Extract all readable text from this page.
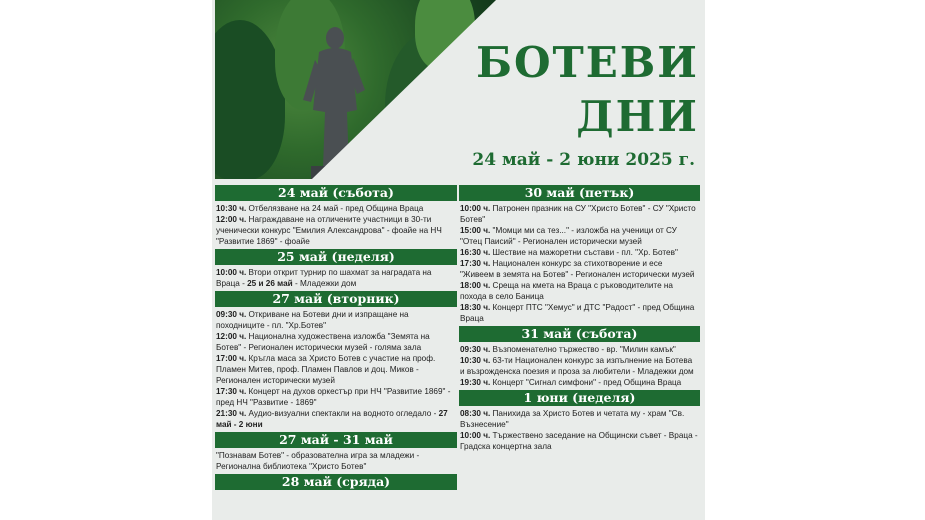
БОТЕВИ
ДНИ
24 май - 2 юни 2025 г.
24 май (събота)
10:30 ч. Отбелязване на 24 май - пред Община Враца
12:00 ч. Награждаване на отличените участници в 30-ти ученически конкурс "Емилия Александрова" - фоайе на НЧ "Развитие 1869" - фоайе
25 май (неделя)
10:00 ч. Втори открит турнир по шахмат за наградата на Враца - 25 и 26 май - Младежки дом
27 май (вторник)
09:30 ч. Откриване на Ботеви дни и изпращане на походниците - пл. "Хр.Ботев"
12:00 ч. Национална художествена изложба "Земята на Ботев" - Регионален исторически музей - голяма зала
17:00 ч. Кръгла маса за Христо Ботев с участие на проф. Пламен Митев, проф. Пламен Павлов и доц. Миков - Регионален исторически музей
17:30 ч. Концерт на духов оркестър при НЧ "Развитие 1869" - пред НЧ "Развитие - 1869"
21:30 ч. Аудио-визуални спектакли на водното огледало - 27 май - 2 юни
27 май - 31 май
"Познавам Ботев" - образователна игра за младежи - Регионална библиотека "Христо Ботев"
28 май (сряда)
30 май (петък)
10:00 ч. Патронен празник на СУ "Христо Ботев" - СУ "Христо Ботев"
15:00 ч. "Момци ми са тез..." - изложба на ученици от СУ "Отец Паисий" - Регионален исторически музей
16:30 ч. Шествие на мажоретни състави - пл. "Хр. Ботев"
17:30 ч. Национален конкурс за стихотворение и есе "Живеем в земята на Ботев" - Регионален исторически музей
18:00 ч. Среща на кмета на Враца с ръководителите на похода в село Баница
18:30 ч. Концерт ПТС "Хемус" и ДТС "Радост" - пред Община Враца
31 май (събота)
09:30 ч. Възпоменателно тържество - вр. "Милин камък"
10:30 ч. 63-ти Национален конкурс за изпълнение на Ботева и възрожденска поезия и проза за любители - Младежки дом
19:30 ч. Концерт "Сигнал симфони" - пред Община Враца
1 юни (неделя)
08:30 ч. Панихида за Христо Ботев и четата му - храм "Св. Възнесение"
10:00 ч. Тържествено заседание на Общински съвет - Враца - Градска концертна зала
